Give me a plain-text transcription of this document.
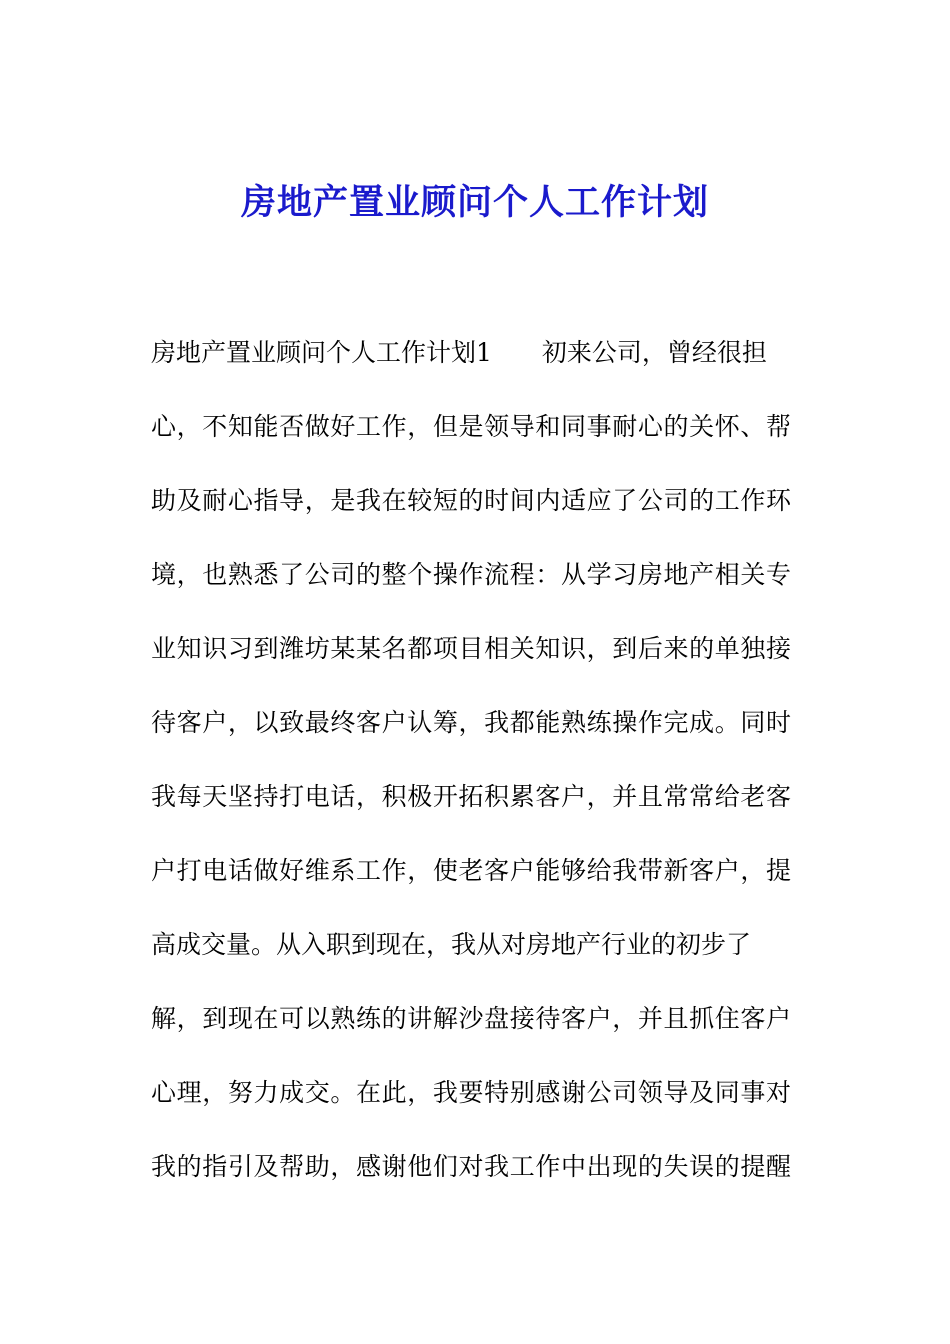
房地产置业顾问个人工作计划
房地产置业顾问个人工作计划1 初来公司，曾经很担
心，不知能否做好工作，但是领导和同事耐心的关怀、帮
助及耐心指导，是我在较短的时间内适应了公司的工作环
境，也熟悉了公司的整个操作流程：从学习房地产相关专
业知识习到潍坊某某名都项目相关知识，到后来的单独接
待客户，以致最终客户认筹，我都能熟练操作完成。同时
我每天坚持打电话，积极开拓积累客户，并且常常给老客
户打电话做好维系工作，使老客户能够给我带新客户，提
高成交量。从入职到现在，我从对房地产行业的初步了
解，到现在可以熟练的讲解沙盘接待客户，并且抓住客户
心理，努力成交。在此，我要特别感谢公司领导及同事对
我的指引及帮助，感谢他们对我工作中出现的失误的提醒
